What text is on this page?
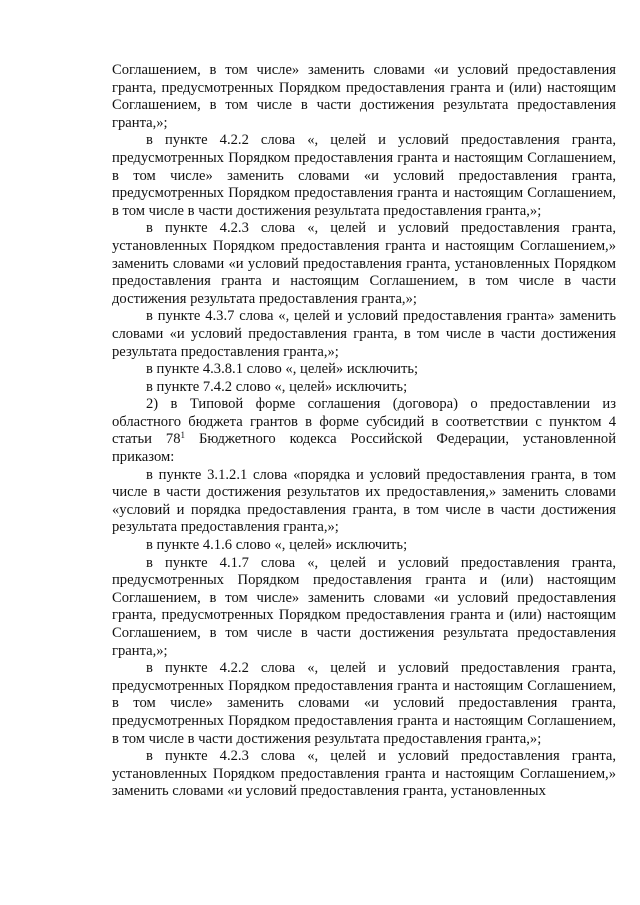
Соглашением, в том числе» заменить словами «и условий предоставления гранта, предусмотренных Порядком предоставления гранта и (или) настоящим Соглашением, в том числе в части достижения результата предоставления гранта,»;

в пункте 4.2.2 слова «, целей и условий предоставления гранта, предусмотренных Порядком предоставления гранта и настоящим Соглашением, в том числе» заменить словами «и условий предоставления гранта, предусмотренных Порядком предоставления гранта и настоящим Соглашением, в том числе в части достижения результата предоставления гранта,»;

в пункте 4.2.3 слова «, целей и условий предоставления гранта, установленных Порядком предоставления гранта и настоящим Соглашением,» заменить словами «и условий предоставления гранта, установленных Порядком предоставления гранта и настоящим Соглашением, в том числе в части достижения результата предоставления гранта,»;

в пункте 4.3.7 слова «, целей и условий предоставления гранта» заменить словами «и условий предоставления гранта, в том числе в части достижения результата предоставления гранта,»;

в пункте 4.3.8.1 слово «, целей» исключить;

в пункте 7.4.2 слово «, целей» исключить;

2) в Типовой форме соглашения (договора) о предоставлении из областного бюджета грантов в форме субсидий в соответствии с пунктом 4 статьи $78^1$ Бюджетного кодекса Российской Федерации, установленной приказом:

в пункте 3.1.2.1 слова «порядка и условий предоставления гранта, в том числе в части достижения результатов их предоставления,» заменить словами «условий и порядка предоставления гранта, в том числе в части достижения результата предоставления гранта,»;

в пункте 4.1.6 слово «, целей» исключить;

в пункте 4.1.7 слова «, целей и условий предоставления гранта, предусмотренных Порядком предоставления гранта и (или) настоящим Соглашением, в том числе» заменить словами «и условий предоставления гранта, предусмотренных Порядком предоставления гранта и (или) настоящим Соглашением, в том числе в части достижения результата предоставления гранта,»;

в пункте 4.2.2 слова «, целей и условий предоставления гранта, предусмотренных Порядком предоставления гранта и настоящим Соглашением, в том числе» заменить словами «и условий предоставления гранта, предусмотренных Порядком предоставления гранта и настоящим Соглашением, в том числе в части достижения результата предоставления гранта,»;

в пункте 4.2.3 слова «, целей и условий предоставления гранта, установленных Порядком предоставления гранта и настоящим Соглашением,» заменить словами «и условий предоставления гранта, установленных
